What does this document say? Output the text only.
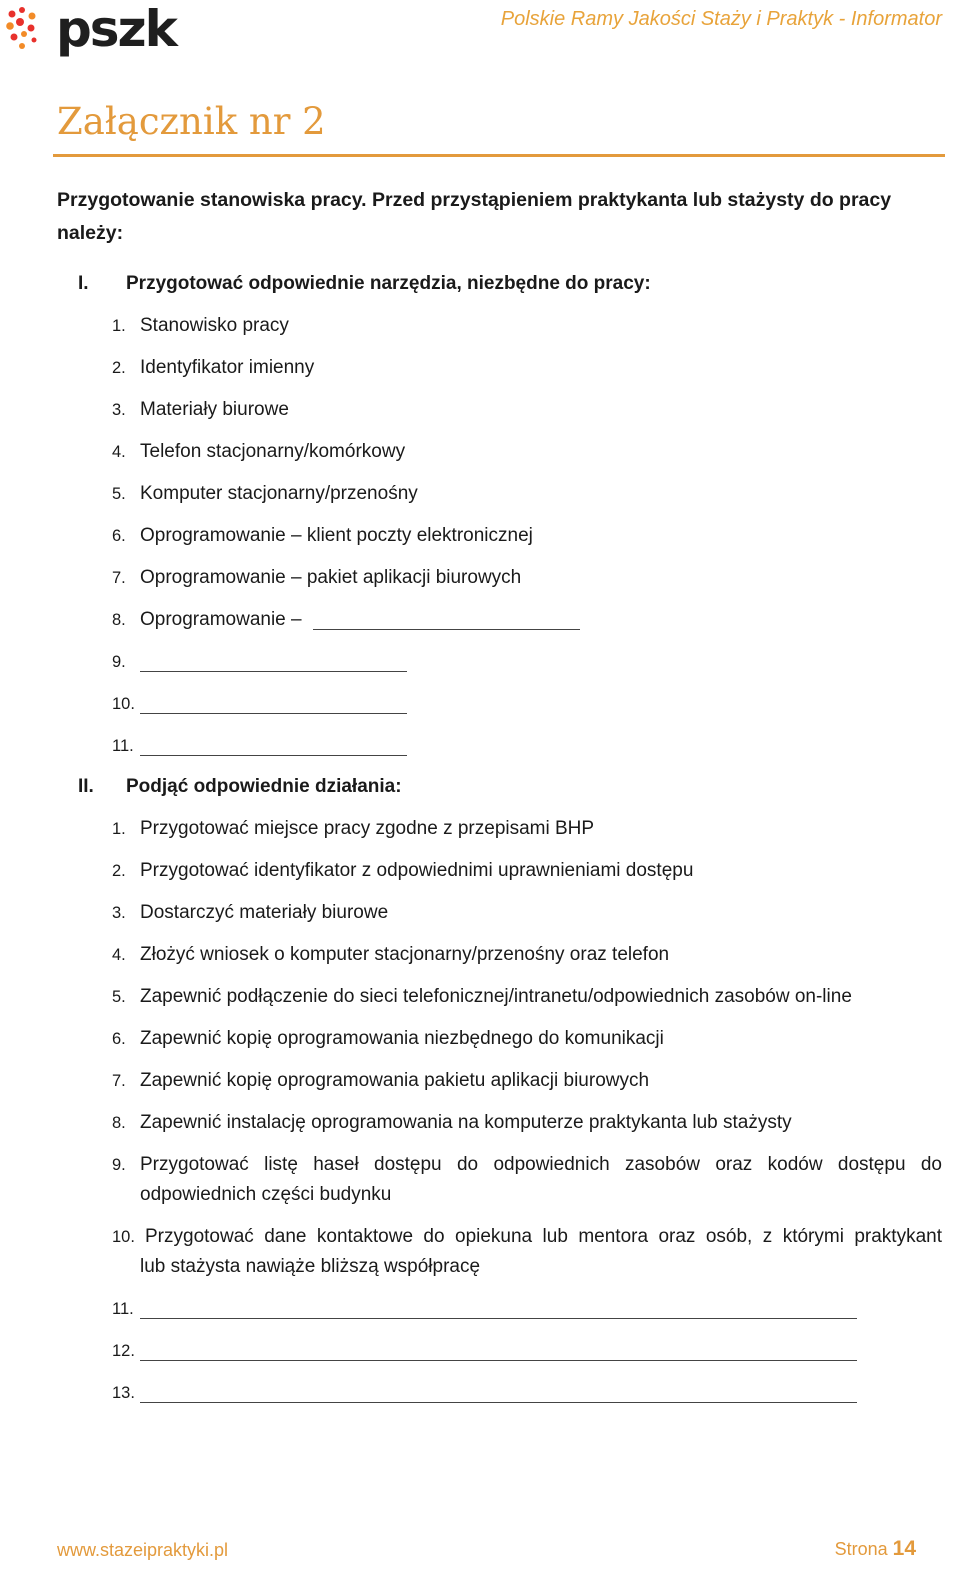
pszk	Polskie Ramy Jakości Staży i Praktyk - Informator
Załącznik nr 2
Przygotowanie stanowiska pracy. Przed przystąpieniem praktykanta lub stażysty do pracy należy:
I. Przygotować odpowiednie narzędzia, niezbędne do pracy:
1. Stanowisko pracy
2. Identyfikator imienny
3. Materiały biurowe
4. Telefon stacjonarny/komórkowy
5. Komputer stacjonarny/przenośny
6. Oprogramowanie – klient poczty elektronicznej
7. Oprogramowanie – pakiet aplikacji biurowych
8. Oprogramowanie –
9.
10.
11.
II. Podjąć odpowiednie działania:
1. Przygotować miejsce pracy zgodne z przepisami BHP
2. Przygotować identyfikator z odpowiednimi uprawnieniami dostępu
3. Dostarczyć materiały biurowe
4. Złożyć wniosek o komputer stacjonarny/przenośny oraz telefon
5. Zapewnić podłączenie do sieci telefonicznej/intranetu/odpowiednich zasobów on-line
6. Zapewnić kopię oprogramowania niezbędnego do komunikacji
7. Zapewnić kopię oprogramowania pakietu aplikacji biurowych
8. Zapewnić instalację oprogramowania na komputerze praktykanta lub stażysty
9. Przygotować listę haseł dostępu do odpowiednich zasobów oraz kodów dostępu do
odpowiednich części budynku
10. Przygotować dane kontaktowe do opiekuna lub mentora oraz osób, z którymi praktykant
lub stażysta nawiąże bliższą współpracę
11.
12.
13.
www.stazeipraktyki.pl	Strona 14
